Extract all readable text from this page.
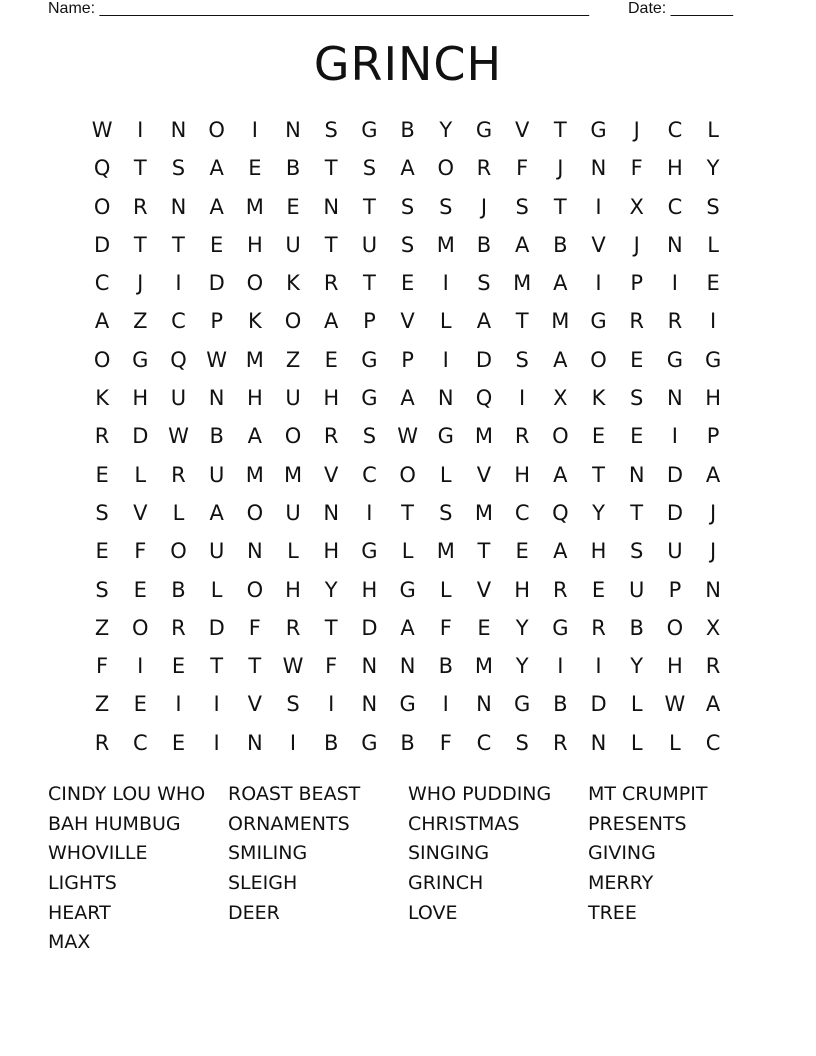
Name: _______________________________________________________ Date: _______
GRINCH
W	I	N	O	I	N	S	G	B	Y	G	V	T	G	J	C	L
Q	T	S	A	E	B	T	S	A	O	R	F	J	N	F	H	Y
O	R	N	A	M	E	N	T	S	S	J	S	T	I	X	C	S
D	T	T	E	H	U	T	U	S	M	B	A	B	V	J	N	L
C	J	I	D	O	K	R	T	E	I	S	M	A	I	P	I	E
A	Z	C	P	K	O	A	P	V	L	A	T	M G	R	R	I
O	G	Q W M	Z	E	G	P	I	D	S	A	O	E	G	G
K	H	U	N	H	U	H	G	A	N	Q	I	X	K	S	N	H
R	D W B	A	O	R	S	W G M	R	O	E	E	I	P
E	L	R	U	M M	V	C	O	L	V	H	A	T	N	D	A
S	V	L	A	O	U	N	I	T	S	M	C	Q	Y	T	D	J
E	F	O	U	N	L	H	G	L	M	T	E	A	H	S	U	J
S	E	B	L	O	H	Y	H	G	L	V	H	R	E	U	P	N
Z	O	R	D	F	R	T	D	A	F	E	Y	G	R	B	O	X
F	I	E	T	T	W	F	N	N	B	M	Y	I	I	Y	H	R
Z	E	I	I	V	S	I	N	G	I	N	G	B	D	L	W A
R	C	E	I	N	I	B	G	B	F	C	S	R	N	L	L	C
CINDY LOU WHO	ROAST BEAST	WHO PUDDING	MT CRUMPIT
BAH HUMBUG	ORNAMENTS	CHRISTMAS	PRESENTS
WHOVILLE	SMILING	SINGING	GIVING
LIGHTS	SLEIGH	GRINCH	MERRY
HEART	DEER	LOVE	TREE
MAX
